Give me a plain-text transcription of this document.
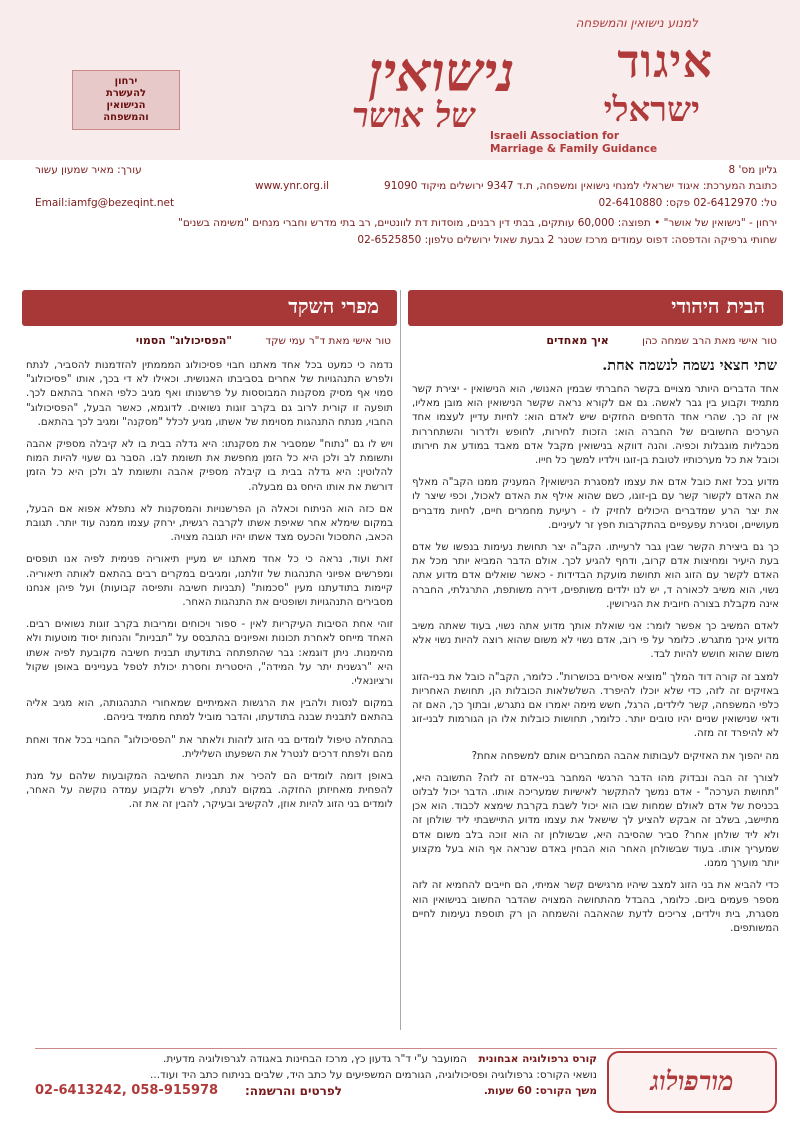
למנוע נישואין והמשפחה
איגוד
ישראלי
Israeli Association for
Marriage & Family Guidance
נישואין
של אושר
ירחון
להעשרת
הנישואין
והמשפחה
גליון מס' 8
כתובת המערכת: איגוד ישראלי למנחי נישואין ומשפחה, ת.ד 9347 ירושלים מיקוד 91090
טל: 02-6412970 פקס: 02-6410880
עורך: מאיר שמעון עשור
Email:iamfg@bezeqint.net
www.ynr.org.il
ירחון - "נישואין של אושר" • תפוצה: 60,000 עותקים, בבתי דין רבנים, מוסדות דת לוונטיים, רב בתי מדרש וחברי מנחים "משימה בשנים"
שחותי גרפיקה והדפסה: דפוס עמודים מרכז שטנר 2 גבעת שאול ירושלים טלפון: 02-6525850
הבית היהודי
טור אישי מאת הרב שמחה כהן איך מאחדים
שתי חצאי נשמה לנשמה אחת.

אחד הדברים היותר מצויים בקשר החברתי שבמין האנושי, הוא הנישואין - יצירת קשר מתמיד וקבוע בין גבר לאשה. גם אם לקורא נראה שקשר הנישואין הוא מובן מאליו, אין זה כך. שהרי אחד הדחפים החזקים שיש לאדם הוא: לחיות עדיין לעצמו אחד הערכים החשובים של החברה הוא: הזכות לחירות, לחופש ולדרור והשתחררות מכבליות מוגבלות וכפיה. והנה דווקא בנישואין מקבל אדם מאבד במודע את חירותו וכובל את כל מערכותיו לטובת בן-זוגו וילדיו למשך כל חייו.

מדוע בכל זאת כובל אדם את עצמו למסגרת הנישואין? המעניק ממנו הקב"ה מאלף את האדם לקשור קשר עם בן-זוגו, כשם שהוא אילף את האדם לאכול, וכפי שיצר לו את יצר הרע שמדברים היכולים לחזיק לו - רעיעת מחמרים חיים, לחיות מדברים מעושיים, וסגירת עפעפיים בהתקרבות חפץ זר לעיניים.

כך גם ביצירת הקשר שבין גבר לרעייתו. הקב"ה יצר תחושת נעימות בנפשו של אדם בעת היעיר ומחיצות אדם קרוב, ודחף להגיע לכך. אולם הדבר המביא יותר מכל את האדם לקשר עם הזוג הוא תחושת מועקת הבדידות - כאשר שואלים אדם מדוע אתה נשוי, הוא משיב לכאורה ד, יש לנו ילדים משותפים, דירה משותפת, התרגלתי, החברה אינה מקבלת בצורה חיובית את הגירושין.

לאדם המשיב כך אפשר לומר: אני שואלת אותך מדוע אתה נשוי, בעוד שאתה משיב מדוע אינך מתגרש. כלומר על פי רוב, אדם נשוי לא משום שהוא רוצה להיות נשוי אלא משום שהוא חושש להיות לבד.

למצב זה קורה דוד המלך "מוציא אסירים בכושרות". כלומר, הקב"ה כובל את בני-הזוג באזיקים זה לזה, כדי שלא יוכלו להיפרד. השלשלאות הכובלות הן, תחושת האחריות כלפי המשפחה, קשר לילדים, הרגל, חשש מימה יאמרו אם נתגרש, ובתוך כך, האם זה ודאי שנישואין שניים יהיו טובים יותר. כלומר, תחושות כובלות אלו הן הגורמות לבני-זוג לא להיפרד זה מזה.

מה יהפוך את האזיקים לעבותות אהבה המחברים אותם למשפחה אחת?

לצורך זה הבה ונבדוק מהו הדבר הרגשי המחבר בני-אדם זה לזה? התשובה היא, "תחושת הערכה" - אדם נמשך להתקשר לאישיות שמעריכה אותו. הדבר יכול לבלוט בכניסת של אדם לאולם שמחות שבו הוא יכול לשבת בקרבת שימצא לכבוד. הוא אכן מתיישב, בשלב זה אבקש להציע לך שישאל את עצמו מדוע התיישבתי ליד שולחן זה ולא ליד שולחן אחר? סביר שהסיבה היא, שבשולחן זה הוא זוכה בלב משום אדם שמעריך אותו. בעוד שבשולחן האחר הוא הבחין באדם שנראה אף הוא בעל מקצוע יותר מוערך ממנו.

כדי להביא את בני הזוג למצב שיהיו מרגישים קשר אמיתי, הם חייבים להחמיא זה לזה מספר פעמים ביום. כלומר, בהבדל מהתחושה המצויה שהדבר החשוב בנישואין הוא מסגרת, בית וילדים, צריכים לדעת שהאהבה והשמחה הן רק תוספת נעימות לחיים המשותפים.

מפרי השקד
טור אישי מאת ד"ר עמי שקד "הפסיכולוג" הסמוי

נדמה כי כמעט בכל אחד מאתנו חבוי פסיכולוג המממתין להזדמנות להסביר, לנתח ולפרש התנהגויות של אחרים בסביבתו האנושית. וכאילו לא די בכך, אותו "פסיכולוג" סמוי אף מסיק מסקנות המבוססות על פרשנותו ואף מגיב כלפי האחר בהתאם לכך. תופעה זו קורית לרוב גם בקרב זוגות נשואים. לדוגמא, כאשר הבעל, "הפסיכולוג" החבוי, מנתח התנהגות מסוימת של אשתו, מגיע לכלל "מסקנה" ומגיב לכך בהתאם.

ויש לו גם "נתוח" שמסביר את מסקנתו: היא גדלה בבית בו לא קיבלה מספיק אהבה ותשומת לב ולכן היא כל הזמן מחפשת את תשומת לבו. הסבר גם שעוי להיות המוח להלוטין: היא גדלה בבית בו קיבלה מספיק אהבה ותשומת לב ולכן היא כל הזמן דורשת את אותו היחס גם מבעלה.

אם כזה הוא הניתוח וכאלה הן הפרשנויות והמסקנות לא נתפלא אפוא אם הבעל, במקום שימלא אחר שאיפת אשתו לקרבה רגשית, ירחק עצמו ממנה עוד יותר. תגובת הכאב, התסכול והכעס מצד אשתו יהיו תגובה מצויה.

זאת ועוד, נראה כי כל אחד מאתנו יש מעיין תיאוריה פנימית לפיה אנו תופסים ומפרשים אפיוני התנהגות של זולתנו, ומגיבים במקרים רבים בהתאם לאותה תיאוריה. קיימות בתודעתנו מעין "סכמות" (תבניות חשיבה ותפיסה קבועות) ועל פיהן אנחנו מסבירים התנהגויות ושופטים את התנהגות האחר.

זוהי אחת הסיבות העיקריות לאין - ספור ויכוחים ומריבות בקרב זוגות נשואים רבים. האחד מייחס לאחרת תכונות ואפיונים בהתבסס על "תבניות" והנחות יסוד מוטעות ולא מהימנות. ניתן דוגמא: גבר שהתפתחה בתודעתו תבנית חשיבה מקובעת לפיה אשתו היא "רגשנית יתר על המידה", היסטרית וחסרת יכולת לטפל בעניינים באופן שקול ורציונאלי.

במקום לנסות ולהבין את הרגשות האמיתיים שמאחורי התנהגותה, הוא מגיב אליה בהתאם לתבנית שבנה בתודעתו, והדבר מוביל למתח מתמיד ביניהם.

בהתחלה טיפול לומדים בני הזוג לזהות ולאתר את "הפסיכולוג" החבוי בכל אחד ואחת מהם ולפתח דרכים לנטרל את השפעתו השלילית.

באופן דומה לומדים הם להכיר את תבניות החשיבה המקובעות שלהם על מנת להפחית מאחיזתן החזקה. במקום לנתח, לפרש ולקבוע עמדה נוקשה על האחר, לומדים בני הזוג להיות אוזן, להקשיב ובעיקר, להבין זה את זה.

מורפולוג
קורס גרפולוגיה אבחונית המועבר ע"י ד"ר גדעון כץ, מרכז הבחינות באגודה לגרפולוגיה מדעית.
נושאי הקורס: גרפולוגיה ופסיכולוגיה, הגורמים המשפיעים על כתב היד, שלבים בניתוח כתב היד ועוד...
משך הקורס: 60 שעות.
לפרטים והרשמה:
058-915978 ,02-6413242
